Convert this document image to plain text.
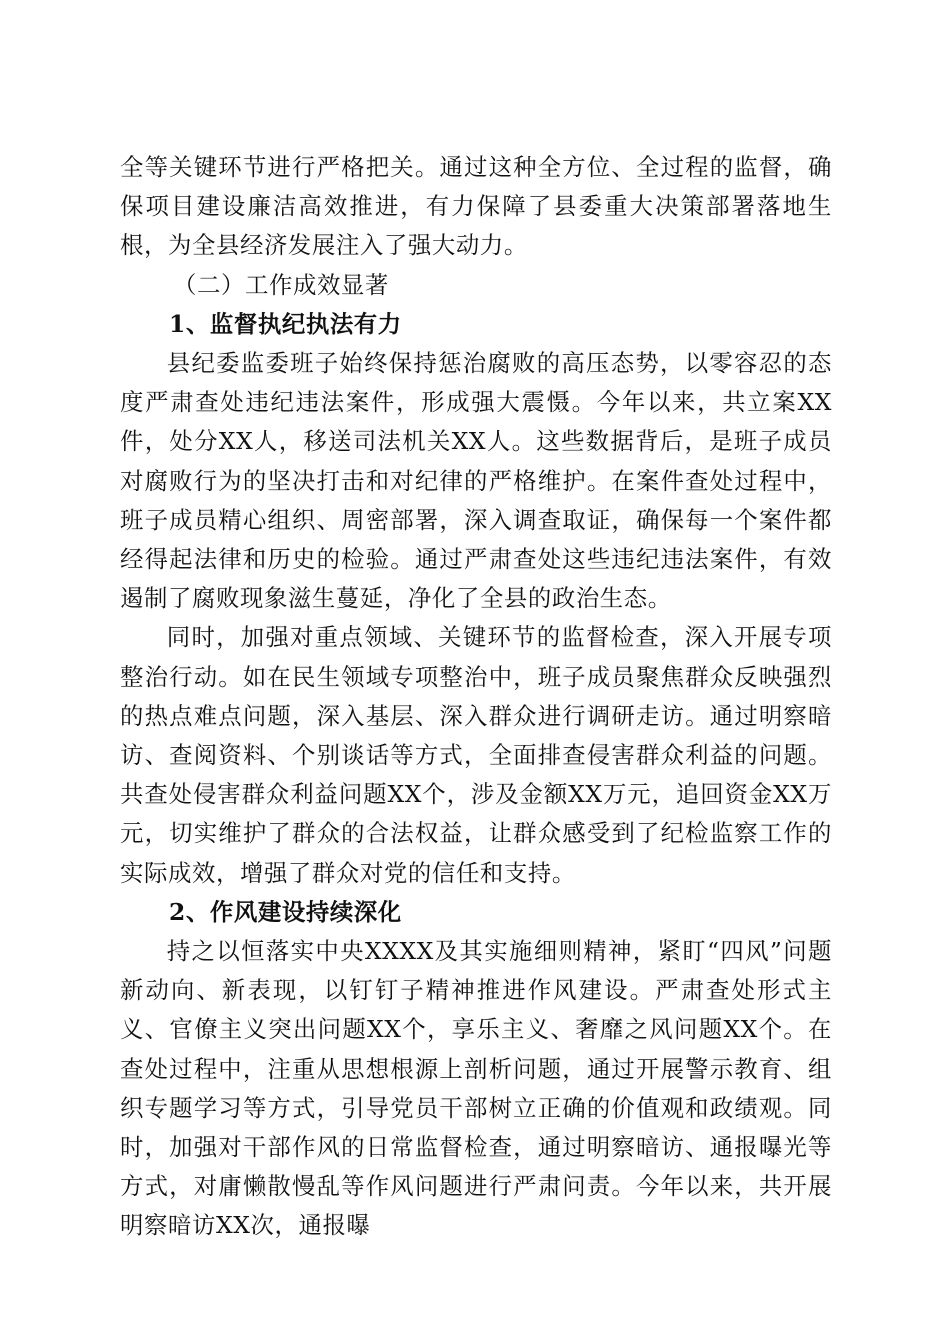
全等关键环节进行严格把关。通过这种全方位、全过程的监督，确保项目建设廉洁高效推进，有力保障了县委重大决策部署落地生根，为全县经济发展注入了强大动力。

（二）工作成效显著
1、监督执纪执法有力

县纪委监委班子始终保持惩治腐败的高压态势，以零容忍的态度严肃查处违纪违法案件，形成强大震慑。今年以来，共立案XX件，处分XX人，移送司法机关XX人。这些数据背后，是班子成员对腐败行为的坚决打击和对纪律的严格维护。在案件查处过程中，班子成员精心组织、周密部署，深入调查取证，确保每一个案件都经得起法律和历史的检验。通过严肃查处这些违纪违法案件，有效遏制了腐败现象滋生蔓延，净化了全县的政治生态。

同时，加强对重点领域、关键环节的监督检查，深入开展专项整治行动。如在民生领域专项整治中，班子成员聚焦群众反映强烈的热点难点问题，深入基层、深入群众进行调研走访。通过明察暗访、查阅资料、个别谈话等方式，全面排查侵害群众利益的问题。共查处侵害群众利益问题XX个，涉及金额XX万元，追回资金XX万元，切实维护了群众的合法权益，让群众感受到了纪检监察工作的实际成效，增强了群众对党的信任和支持。

2、作风建设持续深化

持之以恒落实中央XXXX及其实施细则精神，紧盯“四风”问题新动向、新表现，以钉钉子精神推进作风建设。严肃查处形式主义、官僚主义突出问题XX个，享乐主义、奢靡之风问题XX个。在查处过程中，注重从思想根源上剖析问题，通过开展警示教育、组织专题学习等方式，引导党员干部树立正确的价值观和政绩观。同时，加强对干部作风的日常监督检查，通过明察暗访、通报曝光等方式，对庸懒散慢乱等作风问题进行严肃问责。今年以来，共开展明察暗访XX次，通报曝
